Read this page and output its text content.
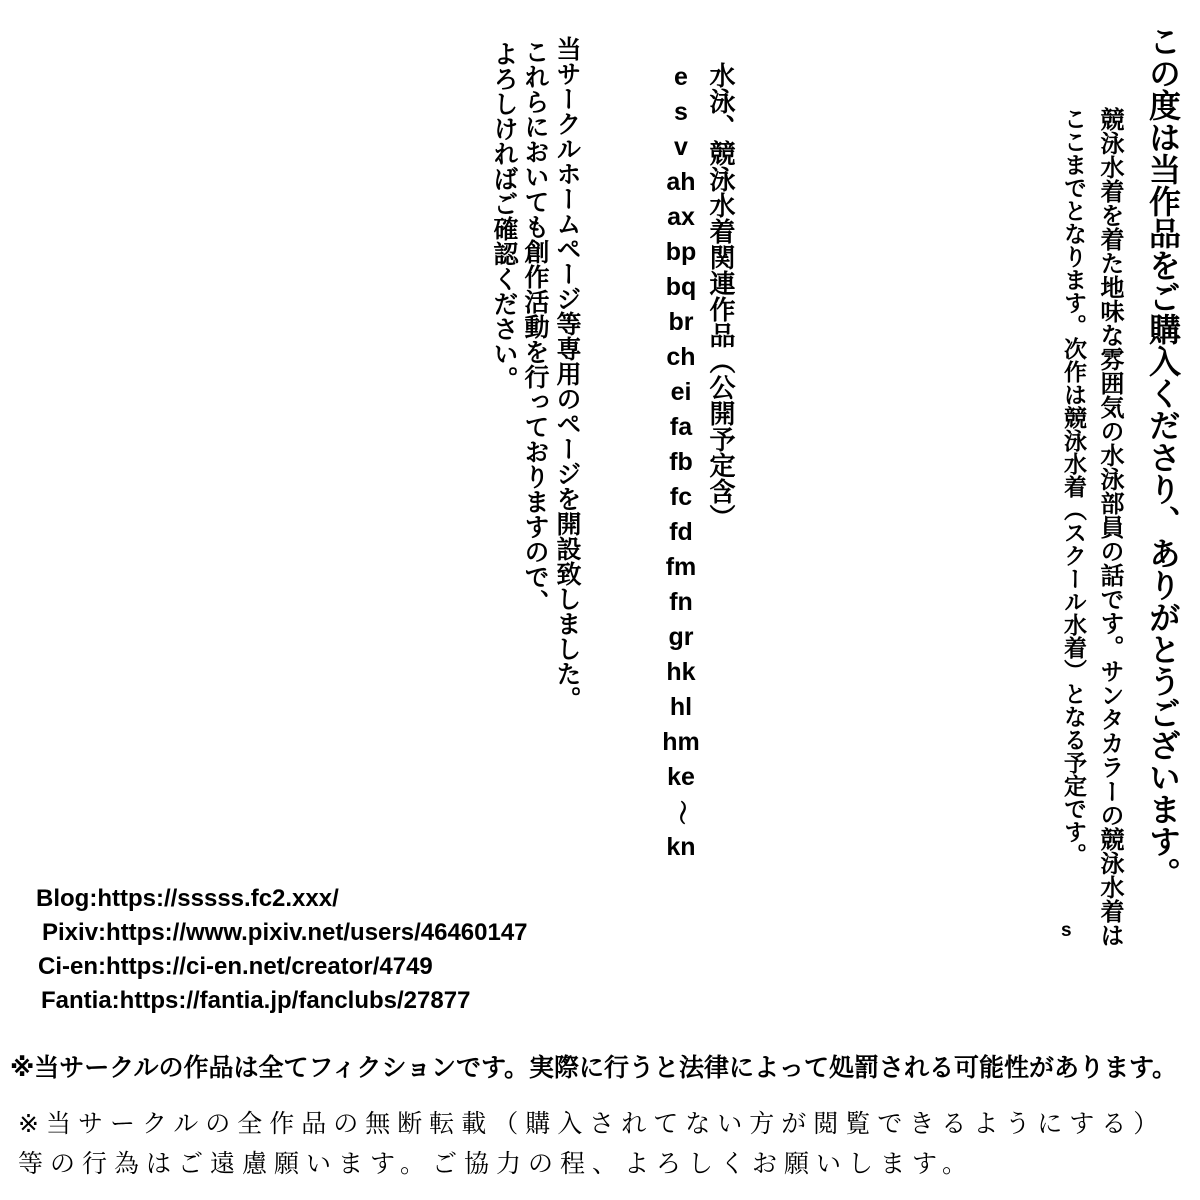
この度は当作品をご購入くださり、ありがとうございます。
競泳水着を着た地味な雰囲気の水泳部員の話です。サンタカラーの競泳水着は
ここまでとなります。次作は競泳水着（スクール水着）となる予定です。
s
水泳、競泳水着関連作品（公開予定含）
e
s
v
ah
ax
bp
bq
br
ch
ei
fa
fb
fc
fd
fm
fn
gr
hk
hl
hm
ke
～
kn
当サークルホームページ等専用のページを開設致しました。
これらにおいても創作活動を行っておりますので、
よろしければご確認ください。
Blog:https://sssss.fc2.xxx/
Pixiv:https://www.pixiv.net/users/46460147
Ci-en:https://ci-en.net/creator/4749
Fantia:https://fantia.jp/fanclubs/27877
※当サークルの作品は全てフィクションです。実際に行うと法律によって処罰される可能性があります。
※当サークルの全作品の無断転載（購入されてない方が閲覧できるようにする）
等の行為はご遠慮願います。ご協力の程、よろしくお願いします。
